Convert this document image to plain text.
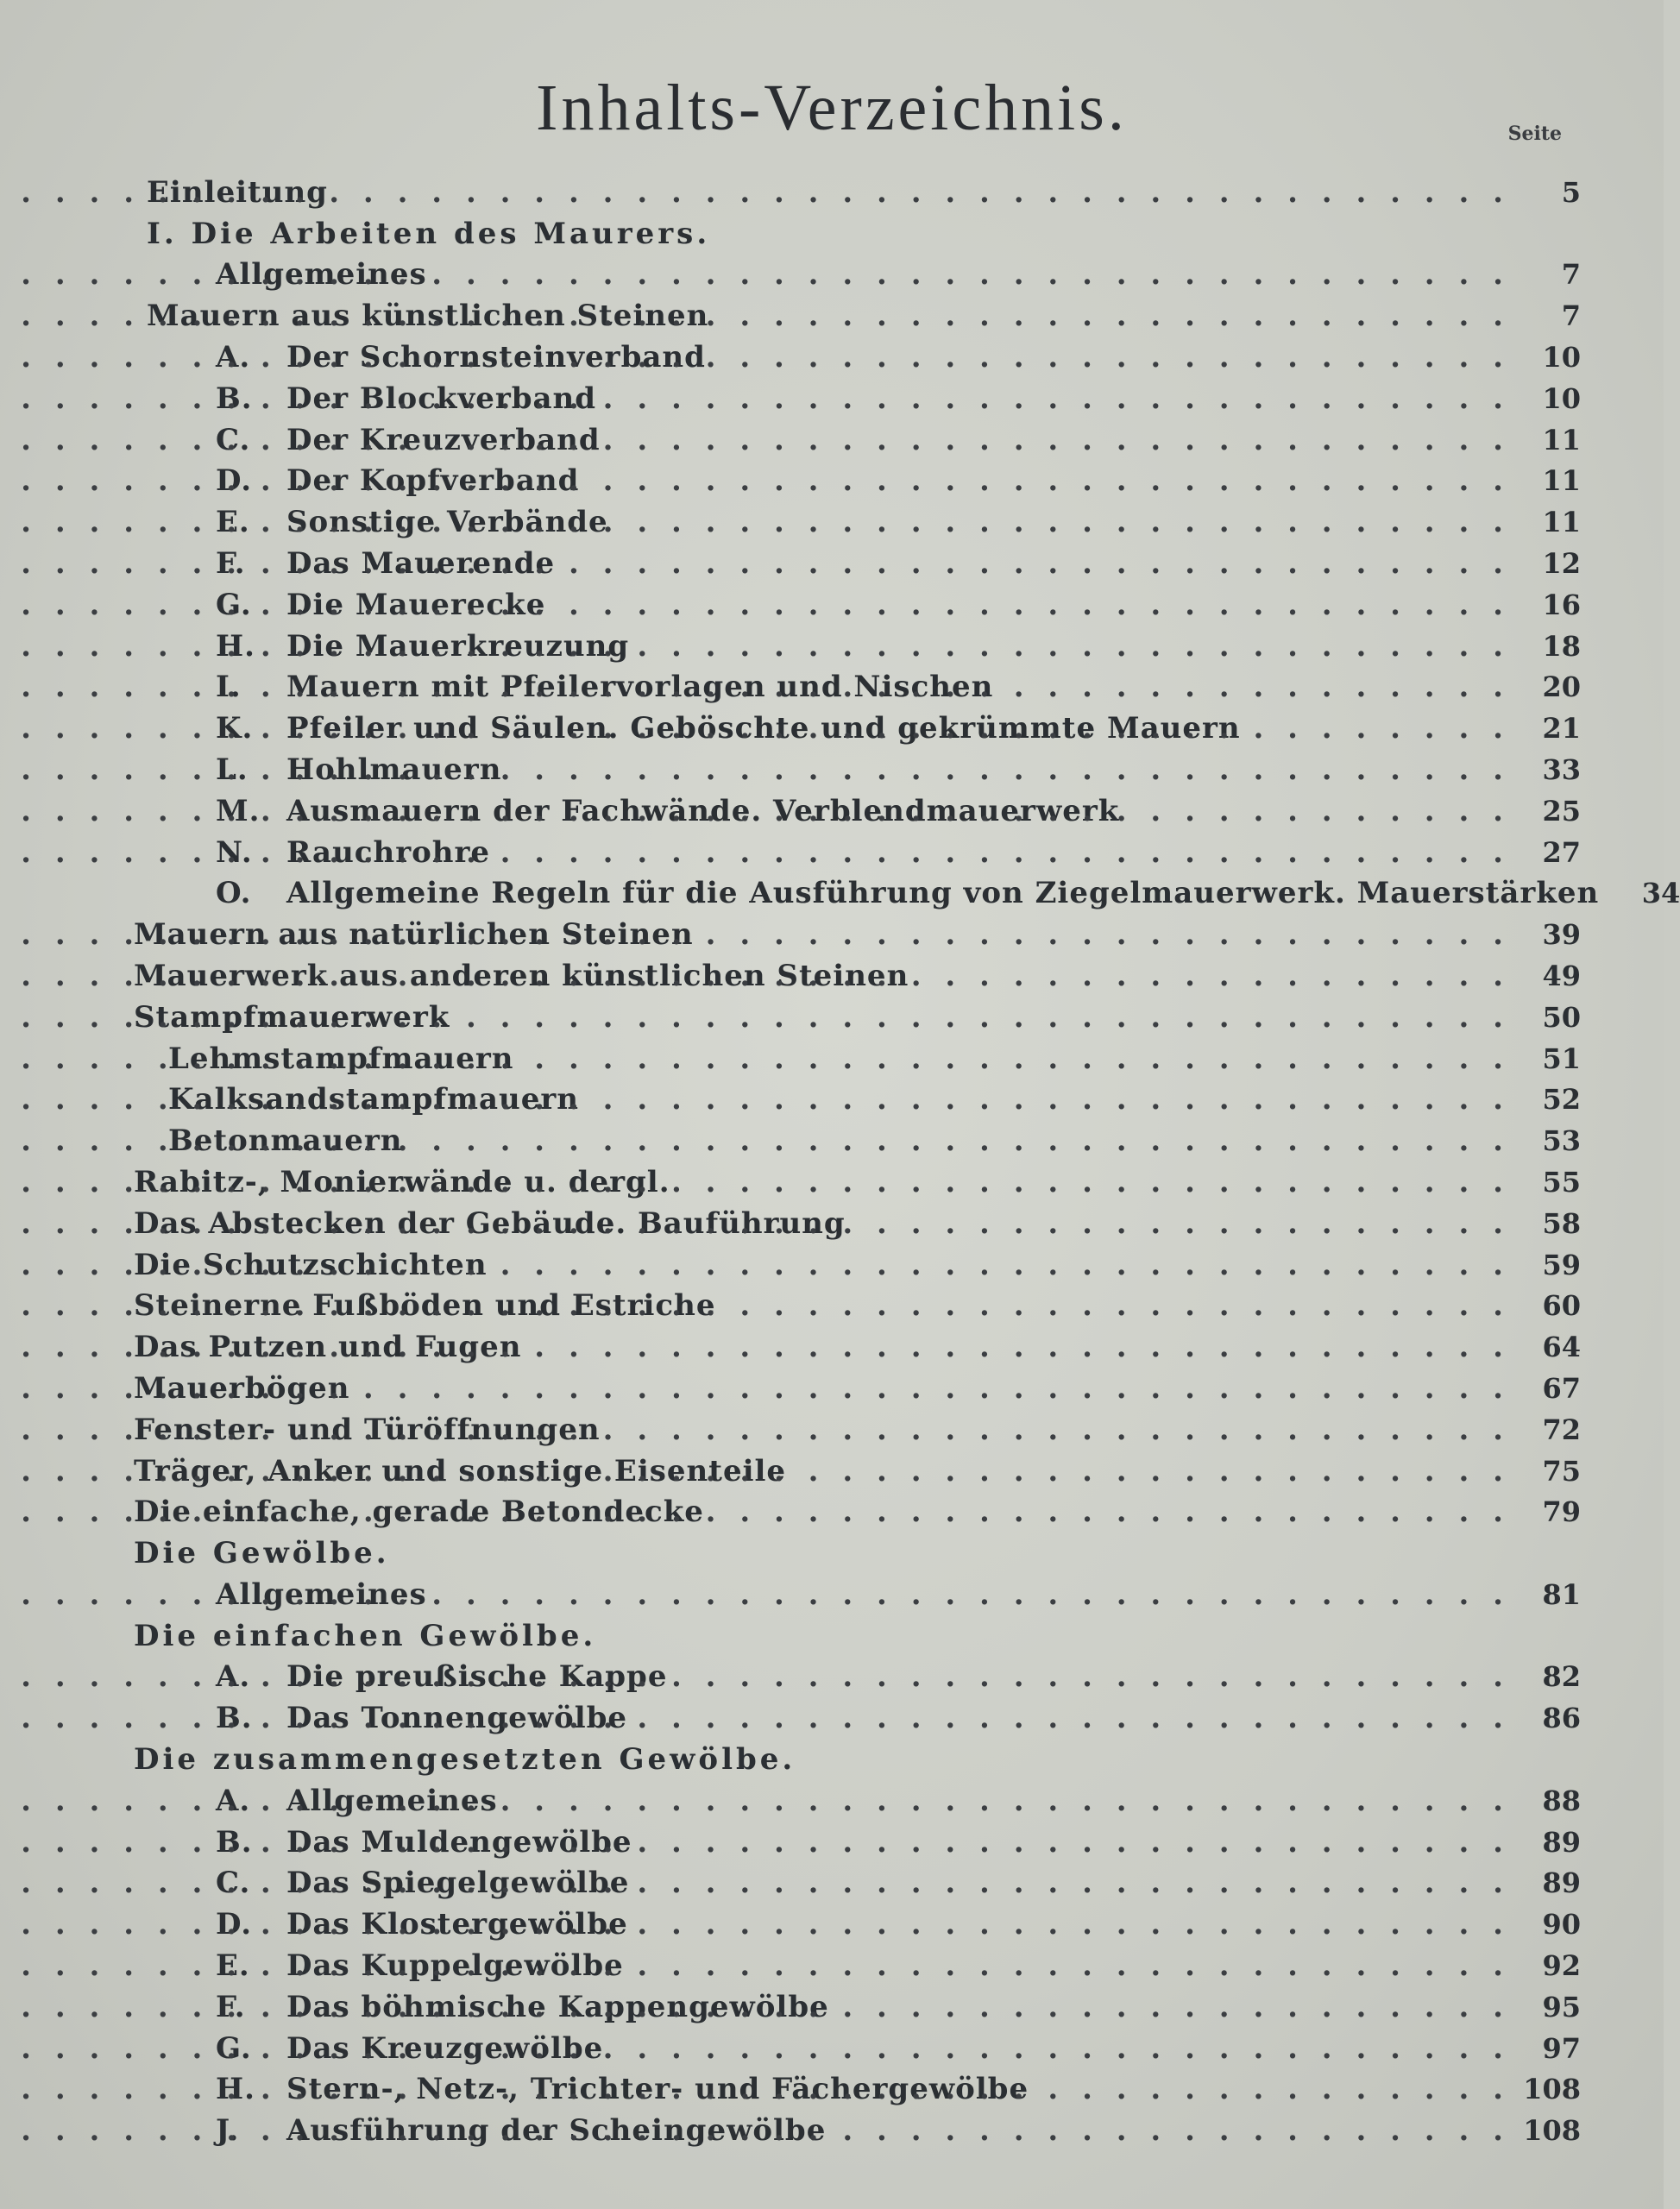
Inhalts-Verzeichnis.	Seite
Einleitung . . .	5
I. Die Arbeiten des Maurers.
Allgemeines . . .	7
Mauern aus künstlichen Steinen . . .	7
A. Der Schornsteinverband . . .	10
B. Der Blockverband . . .	10
C. Der Kreuzverband . . .	11
D. Der Kopfverband . . .	11
E. Sonstige Verbände . . .	11
F. Das Mauerende . . .	12
G. Die Mauerecke . . .	16
H. Die Mauerkreuzung . . .	18
I. Mauern mit Pfeilervorlagen und Nischen . . .	20
K. Pfeiler und Säulen. Geböschte und gekrümmte Mauern . . .	21
L. Hohlmauern . . .	33
M. Ausmauern der Fachwände. Verblendmauerwerk . . .	25
N. Rauchrohre . . .	27
O. Allgemeine Regeln für die Ausführung von Ziegelmauerwerk. Mauerstärken	34
Mauern aus natürlichen Steinen . . .	39
Mauerwerk aus anderen künstlichen Steinen . . .	49
Stampfmauerwerk . . .	50
Lehmstampfmauern . . .	51
Kalksandstampfmauern . . .	52
Betonmauern . . .	53
Rabitz-, Monierwände u. dergl. . . .	55
Das Abstecken der Gebäude. Bauführung . . .	58
Die Schutzschichten . . .	59
Steinerne Fußböden und Estriche . . .	60
Das Putzen und Fugen . . .	64
Mauerbögen . . .	67
Fenster- und Türöffnungen . . .	72
Träger, Anker und sonstige Eisenteile . . .	75
Die einfache, gerade Betondecke . . .	79
Die Gewölbe.
Allgemeines . . .	81
Die einfachen Gewölbe.
A. Die preußische Kappe . . .	82
B. Das Tonnengewölbe . . .	86
Die zusammengesetzten Gewölbe.
A. Allgemeines . . .	88
B. Das Muldengewölbe . . .	89
C. Das Spiegelgewölbe . . .	89
D. Das Klostergewölbe . . .	90
E. Das Kuppelgewölbe . . .	92
F. Das böhmische Kappengewölbe . . .	95
G. Das Kreuzgewölbe . . .	97
H. Stern-, Netz-, Trichter- und Fächergewölbe . . .	108
J. Ausführung der Scheingewölbe . . .	108
